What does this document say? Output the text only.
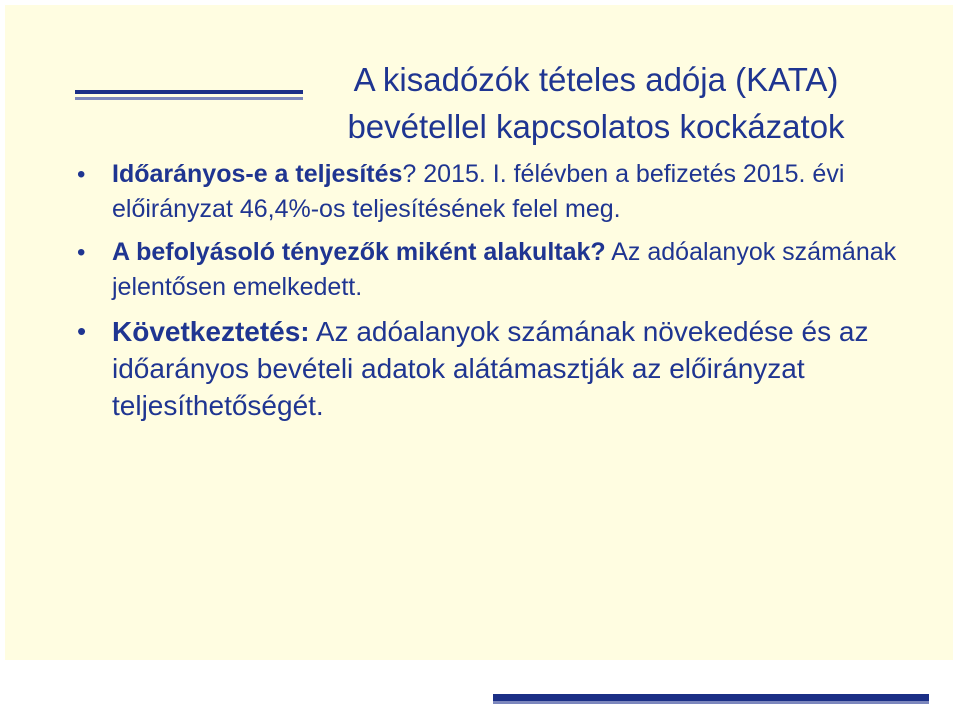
A kisadózók tételes adója (KATA)
bevétellel kapcsolatos kockázatok
• Időarányos-e a teljesítés? 2015. I. félévben a befizetés 2015. évi előirányzat 46,4%-os teljesítésének felel meg.
• A befolyásoló tényezők miként alakultak? Az adóalanyok számának jelentősen emelkedett.
• Következtetés: Az adóalanyok számának növekedése és az időarányos bevételi adatok alátámasztják az előirányzat teljesíthetőségét.
